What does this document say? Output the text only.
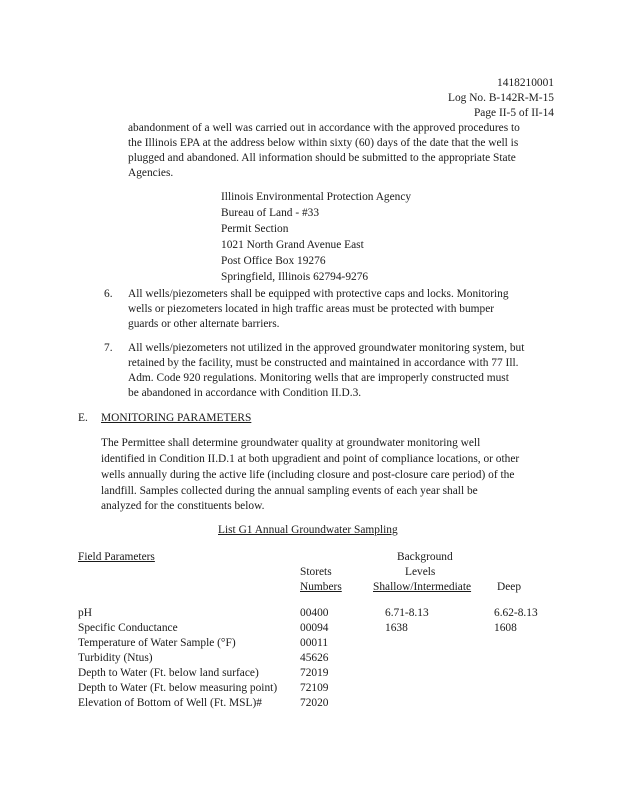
1418210001
Log No. B-142R-M-15
Page II-5 of II-14
abandonment of a well was carried out in accordance with the approved procedures to
the Illinois EPA at the address below within sixty (60) days of the date that the well is
plugged and abandoned. All information should be submitted to the appropriate State
Agencies.
Illinois Environmental Protection Agency
Bureau of Land - #33
Permit Section
1021 North Grand Avenue East
Post Office Box 19276
Springfield, Illinois 62794-9276
6. All wells/piezometers shall be equipped with protective caps and locks. Monitoring
wells or piezometers located in high traffic areas must be protected with bumper
guards or other alternate barriers.
7. All wells/piezometers not utilized in the approved groundwater monitoring system, but
retained by the facility, must be constructed and maintained in accordance with 77 Ill.
Adm. Code 920 regulations. Monitoring wells that are improperly constructed must
be abandoned in accordance with Condition II.D.3.
E. MONITORING PARAMETERS
The Permittee shall determine groundwater quality at groundwater monitoring well
identified in Condition II.D.1 at both upgradient and point of compliance locations, or other
wells annually during the active life (including closure and post-closure care period) of the
landfill. Samples collected during the annual sampling events of each year shall be
analyzed for the constituents below.
List G1 Annual Groundwater Sampling
Field Parameters	Background
Storets	Levels
Numbers	Shallow/Intermediate Deep
pH	00400	6.71-8.13	6.62-8.13
Specific Conductance	00094	1638	1608
Temperature of Water Sample (°F)	00011
Turbidity (Ntus)	45626
Depth to Water (Ft. below land surface)	72019
Depth to Water (Ft. below measuring point) 72109
Elevation of Bottom of Well (Ft. MSL)#	72020
